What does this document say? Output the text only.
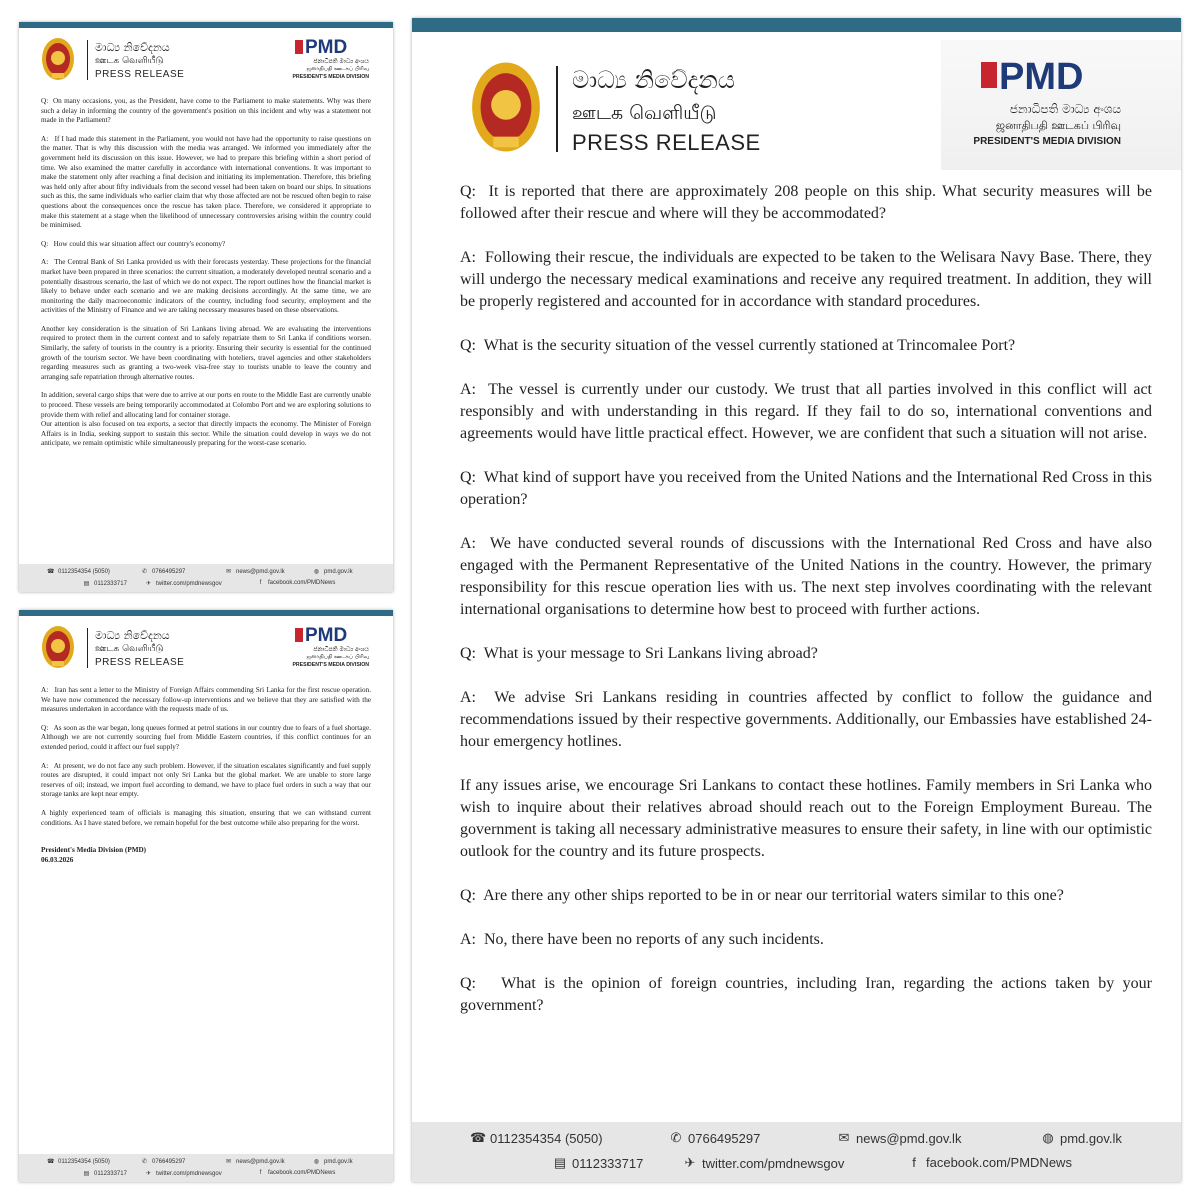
මාධ්‍ය නිවේදනය
ஊடக வெளியீடு
PRESS RELEASE
PMD
ජනාධිපති මාධ්‍ය අංශය
ஜனாதிபதி ஊடகப் பிரிவு
PRESIDENT'S MEDIA DIVISION

Q: On many occasions, you, as the President, have come to the Parliament to make statements. Why was there such a delay in informing the country of the government's position on this incident and why was a statement not made in the Parliament?

A: If I had made this statement in the Parliament, you would not have had the opportunity to raise questions on the matter. That is why this discussion with the media was arranged. We informed you immediately after the government held its discussion on this issue. However, we had to prepare this briefing within a short period of time. We also examined the matter carefully in accordance with international conventions. It was important to make the statement only after reaching a final decision and initiating its implementation. Therefore, this briefing was held only after about fifty individuals from the second vessel had been taken on board our ships. In situations such as this, the same individuals who earlier claim that why those affected are not be rescued often begin to raise questions about the consequences once the rescue has taken place. Therefore, we considered it appropriate to make this statement at a stage when the likelihood of unnecessary controversies arising within the country could be minimised.

Q: How could this war situation affect our country's economy?

A: The Central Bank of Sri Lanka provided us with their forecasts yesterday. These projections for the financial market have been prepared in three scenarios: the current situation, a moderately developed neutral scenario and a potentially disastrous scenario, the last of which we do not expect. The report outlines how the financial market is likely to behave under each scenario and we are making decisions accordingly. At the same time, we are monitoring the daily macroeconomic indicators of the country, including food security, employment and the activities of the Ministry of Finance and we are taking necessary measures based on these observations.

Another key consideration is the situation of Sri Lankans living abroad. We are evaluating the interventions required to protect them in the current context and to safely repatriate them to Sri Lanka if conditions worsen. Similarly, the safety of tourists in the country is a priority. Ensuring their security is essential for the continued growth of the tourism sector. We have been coordinating with hoteliers, travel agencies and other stakeholders regarding measures such as granting a two-week visa-free stay to tourists unable to leave the country and arranging safe repatriation through alternative routes.

In addition, several cargo ships that were due to arrive at our ports en route to the Middle East are currently unable to proceed. These vessels are being temporarily accommodated at Colombo Port and we are exploring solutions to provide them with relief and allocating land for container storage.

Our attention is also focused on tea exports, a sector that directly impacts the economy. The Minister of Foreign Affairs is in India, seeking support to sustain this sector. While the situation could develop in ways we do not anticipate, we remain optimistic while simultaneously preparing for the worst-case scenario.

☎ 0112354354 (5050)	✆ 0766495297	✉ news@pmd.gov.lk	◍ pmd.gov.lk
▤ 0112333717	✈ twitter.com/pmdnewsgov	f	facebook.com/PMDNews
මාධ්‍ය නිවේදනය
ஊடக வெளியீடு
PRESS RELEASE
PMD
ජනාධිපති මාධ්‍ය අංශය
ஜனாதிபதி ஊடகப் பிரிவு
PRESIDENT'S MEDIA DIVISION

A: Iran has sent a letter to the Ministry of Foreign Affairs commending Sri Lanka for the first rescue operation. We have now commenced the necessary follow-up interventions and we believe that they are satisfied with the measures undertaken in accordance with the requests made of us.

Q: As soon as the war began, long queues formed at petrol stations in our country due to fears of a fuel shortage. Although we are not currently sourcing fuel from Middle Eastern countries, if this conflict continues for an extended period, could it affect our fuel supply?

A: At present, we do not face any such problem. However, if the situation escalates significantly and fuel supply routes are disrupted, it could impact not only Sri Lanka but the global market. We are unable to store large reserves of oil; instead, we import fuel according to demand, we have to place fuel orders in such a way that our storage tanks are kept near empty.

A highly experienced team of officials is managing this situation, ensuring that we can withstand current conditions. As I have stated before, we remain hopeful for the best outcome while also preparing for the worst.

President's Media Division (PMD)
06.03.2026

☎ 0112354354 (5050)	✆ 0766495297	✉ news@pmd.gov.lk	◍ pmd.gov.lk
▤ 0112333717	✈ twitter.com/pmdnewsgov	f	facebook.com/PMDNews
මාධ්‍ය නිවේදනය
ஊடக வெளியீடு
PRESS RELEASE
PMD
ජනාධිපති මාධ්‍ය අංශය
ஜனாதிபதி ஊடகப் பிரிவு
PRESIDENT'S MEDIA DIVISION

Q: It is reported that there are approximately 208 people on this ship. What security measures will be followed after their rescue and where will they be accommodated?

A: Following their rescue, the individuals are expected to be taken to the Welisara Navy Base. There, they will undergo the necessary medical examinations and receive any required treatment. In addition, they will be properly registered and accounted for in accordance with standard procedures.

Q: What is the security situation of the vessel currently stationed at Trincomalee Port?

A: The vessel is currently under our custody. We trust that all parties involved in this conflict will act responsibly and with understanding in this regard. If they fail to do so, international conventions and agreements would have little practical effect. However, we are confident that such a situation will not arise.

Q: What kind of support have you received from the United Nations and the International Red Cross in this operation?

A: We have conducted several rounds of discussions with the International Red Cross and have also engaged with the Permanent Representative of the United Nations in the country. However, the primary responsibility for this rescue operation lies with us. The next step involves coordinating with the relevant international organisations to determine how best to proceed with further actions.

Q: What is your message to Sri Lankans living abroad?

A: We advise Sri Lankans residing in countries affected by conflict to follow the guidance and recommendations issued by their respective governments. Additionally, our Embassies have established 24-hour emergency hotlines.

If any issues arise, we encourage Sri Lankans to contact these hotlines. Family members in Sri Lanka who wish to inquire about their relatives abroad should reach out to the Foreign Employment Bureau. The government is taking all necessary administrative measures to ensure their safety, in line with our optimistic outlook for the country and its future prospects.

Q: Are there any other ships reported to be in or near our territorial waters similar to this one?

A: No, there have been no reports of any such incidents.

Q: What is the opinion of foreign countries, including Iran, regarding the actions taken by your government?

☎ 0112354354 (5050)	✆ 0766495297	✉ news@pmd.gov.lk	◍ pmd.gov.lk
▤ 0112333717	✈ twitter.com/pmdnewsgov	f facebook.com/PMDNews
